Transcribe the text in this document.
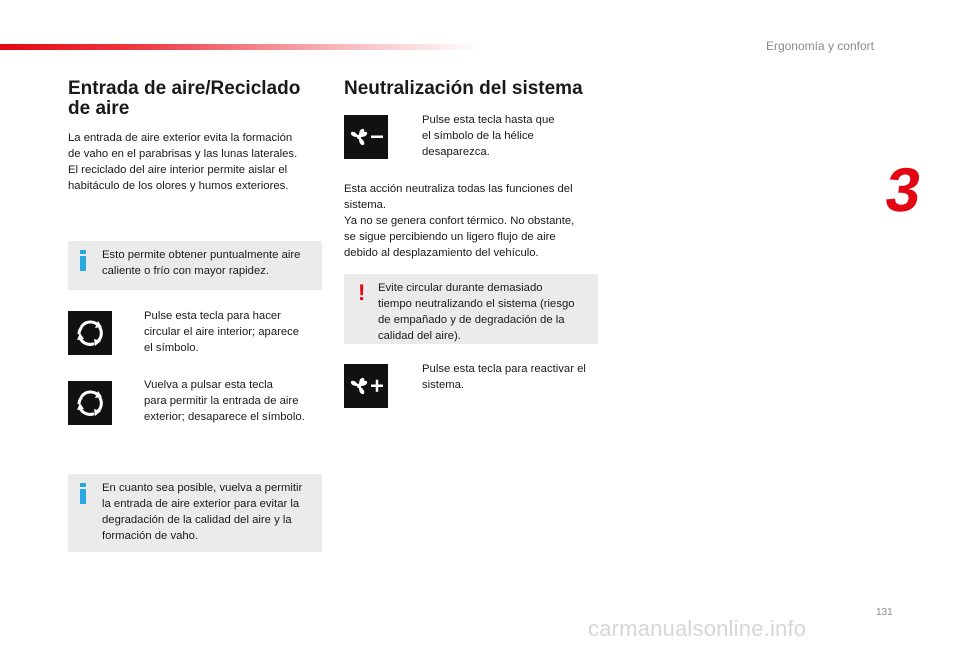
Ergonomía y confort
3
Entrada de aire/Reciclado de aire

La entrada de aire exterior evita la formación
de vaho en el parabrisas y las lunas laterales.
El reciclado del aire interior permite aislar el
habitáculo de los olores y humos exteriores.

Esto permite obtener puntualmente aire
caliente o frío con mayor rapidez.

Pulse esta tecla para hacer
circular el aire interior; aparece
el símbolo.

Vuelva a pulsar esta tecla
para permitir la entrada de aire
exterior; desaparece el símbolo.

En cuanto sea posible, vuelva a permitir
la entrada de aire exterior para evitar la
degradación de la calidad del aire y la
formación de vaho.

Neutralización del sistema

Pulse esta tecla hasta que
el símbolo de la hélice
desaparezca.

Esta acción neutraliza todas las funciones del
sistema.
Ya no se genera confort térmico. No obstante,
se sigue percibiendo un ligero flujo de aire
debido al desplazamiento del vehículo.

! Evite circular durante demasiado
tiempo neutralizando el sistema (riesgo
de empañado y de degradación de la
calidad del aire).

Pulse esta tecla para reactivar el
sistema.

131
carmanualsonline.info
